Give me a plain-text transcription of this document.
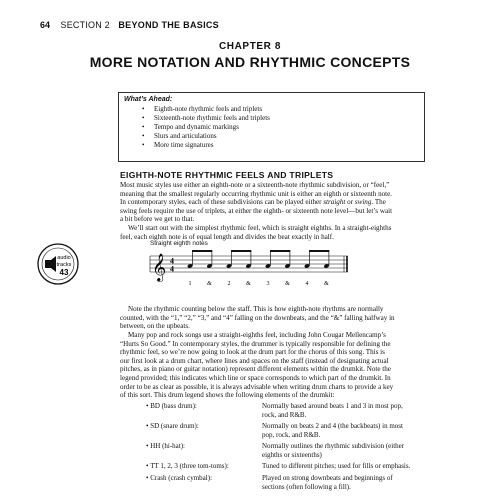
64 SECTION 2 BEYOND THE BASICS
CHAPTER 8
MORE NOTATION AND RHYTHMIC CONCEPTS
What’s Ahead:
• Eighth-note rhythmic feels and triplets
• Sixteenth-note rhythmic feels and triplets
• Tempo and dynamic markings
• Slurs and articulations
• More time signatures
EIGHTH-NOTE RHYTHMIC FEELS AND TRIPLETS
Most music styles use either an eighth-note or a sixteenth-note rhythmic subdivision, or “feel,”
meaning that the smallest regularly occurring rhythmic unit is either an eighth or sixteenth note.
In contemporary styles, each of these subdivisions can be played either straight or swing. The
swing feels require the use of triplets, at either the eighth- or sixteenth note level—but let’s wait
a bit before we get to that.
We’ll start out with the simplest rhythmic feel, which is straight eighths. In a straight-eighths
feel, each eighth note is of equal length and divides the beat exactly in half.
audio
tracks
43
Straight eighth notes
𝄞 4
4
1	&	2	&	3	&	4	&
Note the rhythmic counting below the staff. This is how eighth-note rhythms are normally
counted, with the “1,” “2,” “3,” and “4” falling on the downbeats, and the “&” falling halfway in
between, on the upbeats.
Many pop and rock songs use a straight-eighths feel, including John Cougar Mellencamp’s
“Hurts So Good.” In contemporary styles, the drummer is typically responsible for defining the
rhythmic feel, so we’re now going to look at the drum part for the chorus of this song. This is
our first look at a drum chart, where lines and spaces on the staff (instead of designating actual
pitches, as in piano or guitar notation) represent different elements within the drumkit. Note the
legend provided; this indicates which line or space corresponds to which part of the drumkit. In
order to be as clear as possible, it is always advisable when writing drum charts to provide a key
of this sort. This drum legend shows the following elements of the drumkit:
• BD (bass drum):	Normally based around beats 1 and 3 in most pop,
rock, and R&B.
• SD (snare drum):	Normally on beats 2 and 4 (the backbeats) in most
pop, rock, and R&B.
• HH (hi-hat):	Normally outlines the rhythmic subdivision (either
eighths or sixteenths)
• TT 1, 2, 3 (three tom-toms):	Tuned to different pitches; used for fills or emphasis.
• Crash (crash cymbal):	Played on strong downbeats and beginnings of
sections (often following a fill).
